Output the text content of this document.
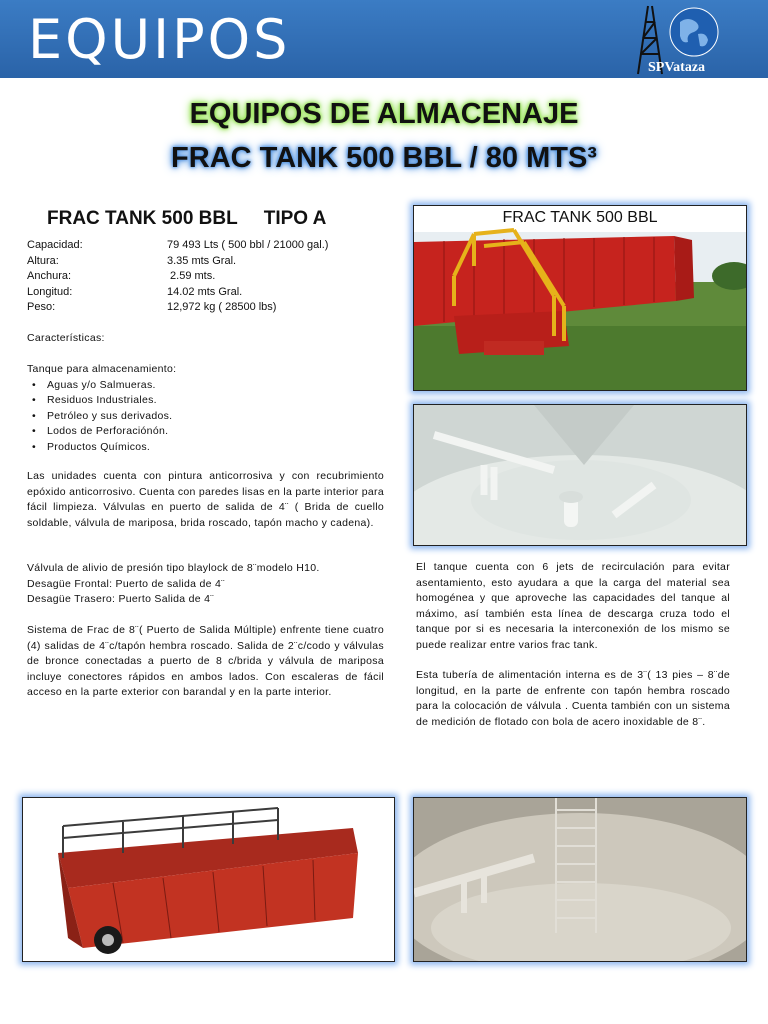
EQUIPOS	SPVataza
EQUIPOS DE ALMACENAJE
FRAC TANK 500 BBL / 80 MTS³
FRAC TANK 500 BBL TIPO A
Capacidad:	79 493 Lts ( 500 bbl / 21000 gal.)
Altura:	3.35 mts Gral.
Anchura:	2.59 mts.
Longitud:	14.02 mts Gral.
Peso:	12,972 kg ( 28500 lbs)
Características:
Tanque para almacenamiento:
• Aguas y/o Salmueras.
• Residuos Industriales.
• Petróleo y sus derivados.
• Lodos de Perforaciónón.
• Productos Químicos.
Las unidades cuenta con pintura anticorrosiva y con recubrimiento epóxido anticorrosivo. Cuenta con paredes lisas en la parte interior para fácil limpieza. Válvulas en puerto de salida de 4¨ ( Brida de cuello soldable, válvula de mariposa, brida roscado, tapón macho y cadena).
Válvula de alivio de presión tipo blaylock de 8¨modelo H10.
Desagüe Frontal: Puerto de salida de 4¨
Desagüe Trasero: Puerto Salida de 4¨
Sistema de Frac de 8¨( Puerto de Salida Múltiple) enfrente tiene cuatro (4) salidas de 4¨c/tapón hembra roscado. Salida de 2¨c/codo y válvulas de bronce conectadas a puerto de 8 c/brida y válvula de mariposa incluye conectores rápidos en ambos lados. Con escaleras de fácil acceso en la parte exterior con barandal y en la parte interior.
El tanque cuenta con 6 jets de recirculación para evitar asentamiento, esto ayudara a que la carga del material sea homogénea y que aproveche las capacidades del tanque al máximo, así también esta línea de descarga cruza todo el tanque por si es necesaria la interconexión de los mismo se puede realizar entre varios frac tank.
Esta tubería de alimentación interna es de 3¨( 13 pies – 8¨de longitud, en la parte de enfrente con tapón hembra roscado para la colocación de válvula . Cuenta también con un sistema de medición de flotado con bola de acero inoxidable de 8¨.
FRAC TANK 500 BBL
